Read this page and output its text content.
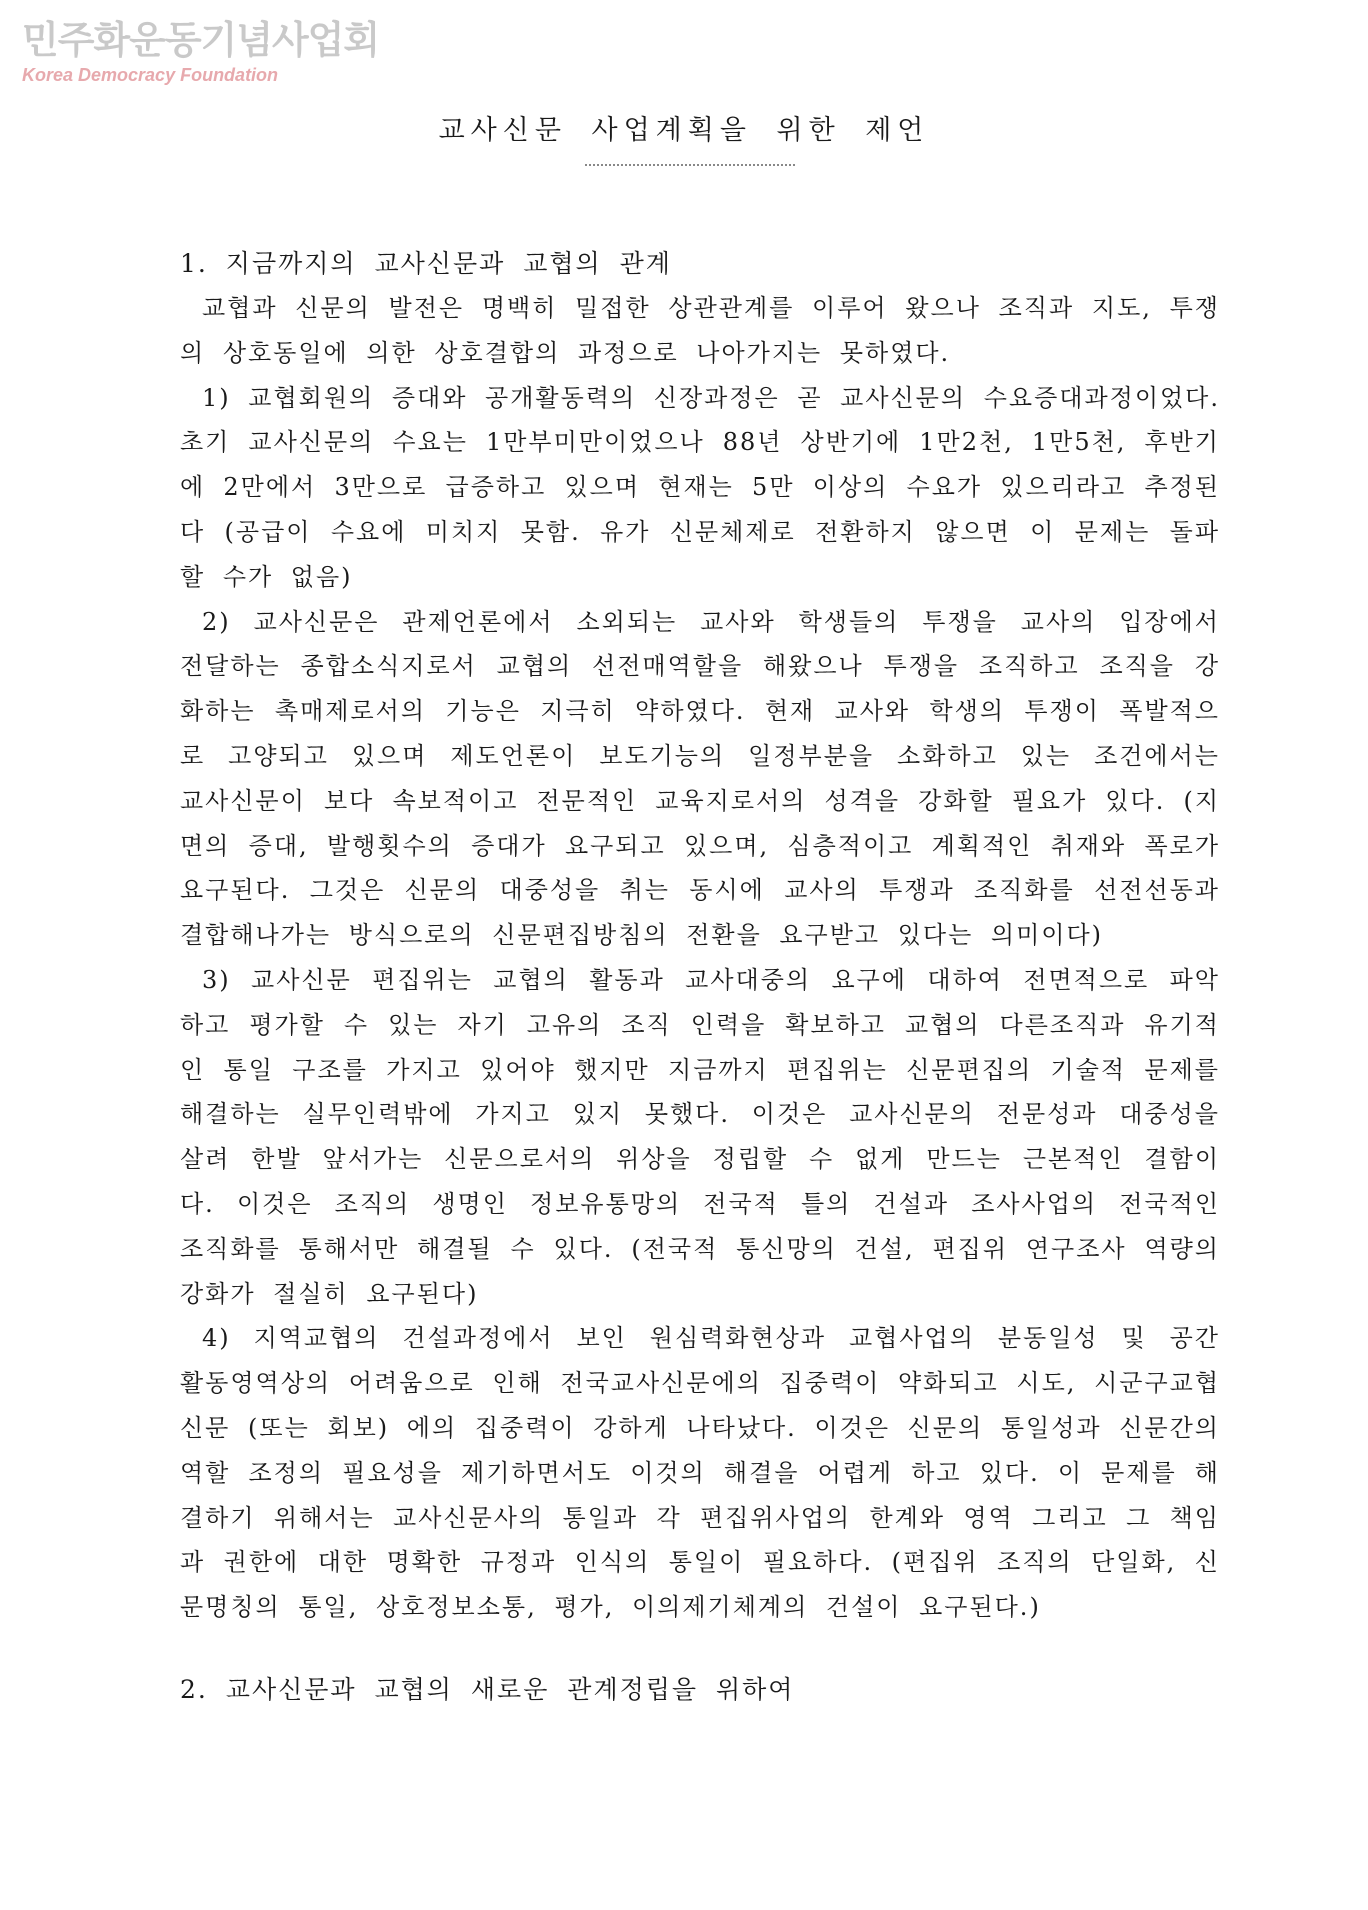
민주화운동기념사업회
Korea Democracy Foundation
교사신문 사업계획을 위한 제언

1. 지금까지의 교사신문과 교협의 관계

교협과 신문의 발전은 명백히 밀접한 상관관계를 이루어 왔으나 조직과 지도, 투쟁의 상호동일에 의한 상호결합의 과정으로 나아가지는 못하였다.

1) 교협회원의 증대와 공개활동력의 신장과정은 곧 교사신문의 수요증대과정이었다. 초기 교사신문의 수요는 1만부미만이었으나 88년 상반기에 1만2천, 1만5천, 후반기에 2만에서 3만으로 급증하고 있으며 현재는 5만 이상의 수요가 있으리라고 추정된다 (공급이 수요에 미치지 못함. 유가 신문체제로 전환하지 않으면 이 문제는 돌파할 수가 없음)

2) 교사신문은 관제언론에서 소외되는 교사와 학생들의 투쟁을 교사의 입장에서 전달하는 종합소식지로서 교협의 선전매역할을 해왔으나 투쟁을 조직하고 조직을 강화하는 촉매제로서의 기능은 지극히 약하였다. 현재 교사와 학생의 투쟁이 폭발적으로 고양되고 있으며 제도언론이 보도기능의 일정부분을 소화하고 있는 조건에서는 교사신문이 보다 속보적이고 전문적인 교육지로서의 성격을 강화할 필요가 있다. (지면의 증대, 발행횟수의 증대가 요구되고 있으며, 심층적이고 계획적인 취재와 폭로가 요구된다. 그것은 신문의 대중성을 취는 동시에 교사의 투쟁과 조직화를 선전선동과 결합해나가는 방식으로의 신문편집방침의 전환을 요구받고 있다는 의미이다)

3) 교사신문 편집위는 교협의 활동과 교사대중의 요구에 대하여 전면적으로 파악하고 평가할 수 있는 자기 고유의 조직 인력을 확보하고 교협의 다른조직과 유기적인 통일 구조를 가지고 있어야 했지만 지금까지 편집위는 신문편집의 기술적 문제를 해결하는 실무인력밖에 가지고 있지 못했다. 이것은 교사신문의 전문성과 대중성을 살려 한발 앞서가는 신문으로서의 위상을 정립할 수 없게 만드는 근본적인 결함이다. 이것은 조직의 생명인 정보유통망의 전국적 틀의 건설과 조사사업의 전국적인 조직화를 통해서만 해결될 수 있다. (전국적 통신망의 건설, 편집위 연구조사 역량의 강화가 절실히 요구된다)

4) 지역교협의 건설과정에서 보인 원심력화현상과 교협사업의 분동일성 및 공간 활동영역상의 어려움으로 인해 전국교사신문에의 집중력이 약화되고 시도, 시군구교협신문 (또는 회보) 에의 집중력이 강하게 나타났다. 이것은 신문의 통일성과 신문간의 역할 조정의 필요성을 제기하면서도 이것의 해결을 어렵게 하고 있다. 이 문제를 해결하기 위해서는 교사신문사의 통일과 각 편집위사업의 한계와 영역 그리고 그 책임과 권한에 대한 명확한 규정과 인식의 통일이 필요하다. (편집위 조직의 단일화, 신문명칭의 통일, 상호정보소통, 평가, 이의제기체계의 건설이 요구된다.)

2. 교사신문과 교협의 새로운 관계정립을 위하여
